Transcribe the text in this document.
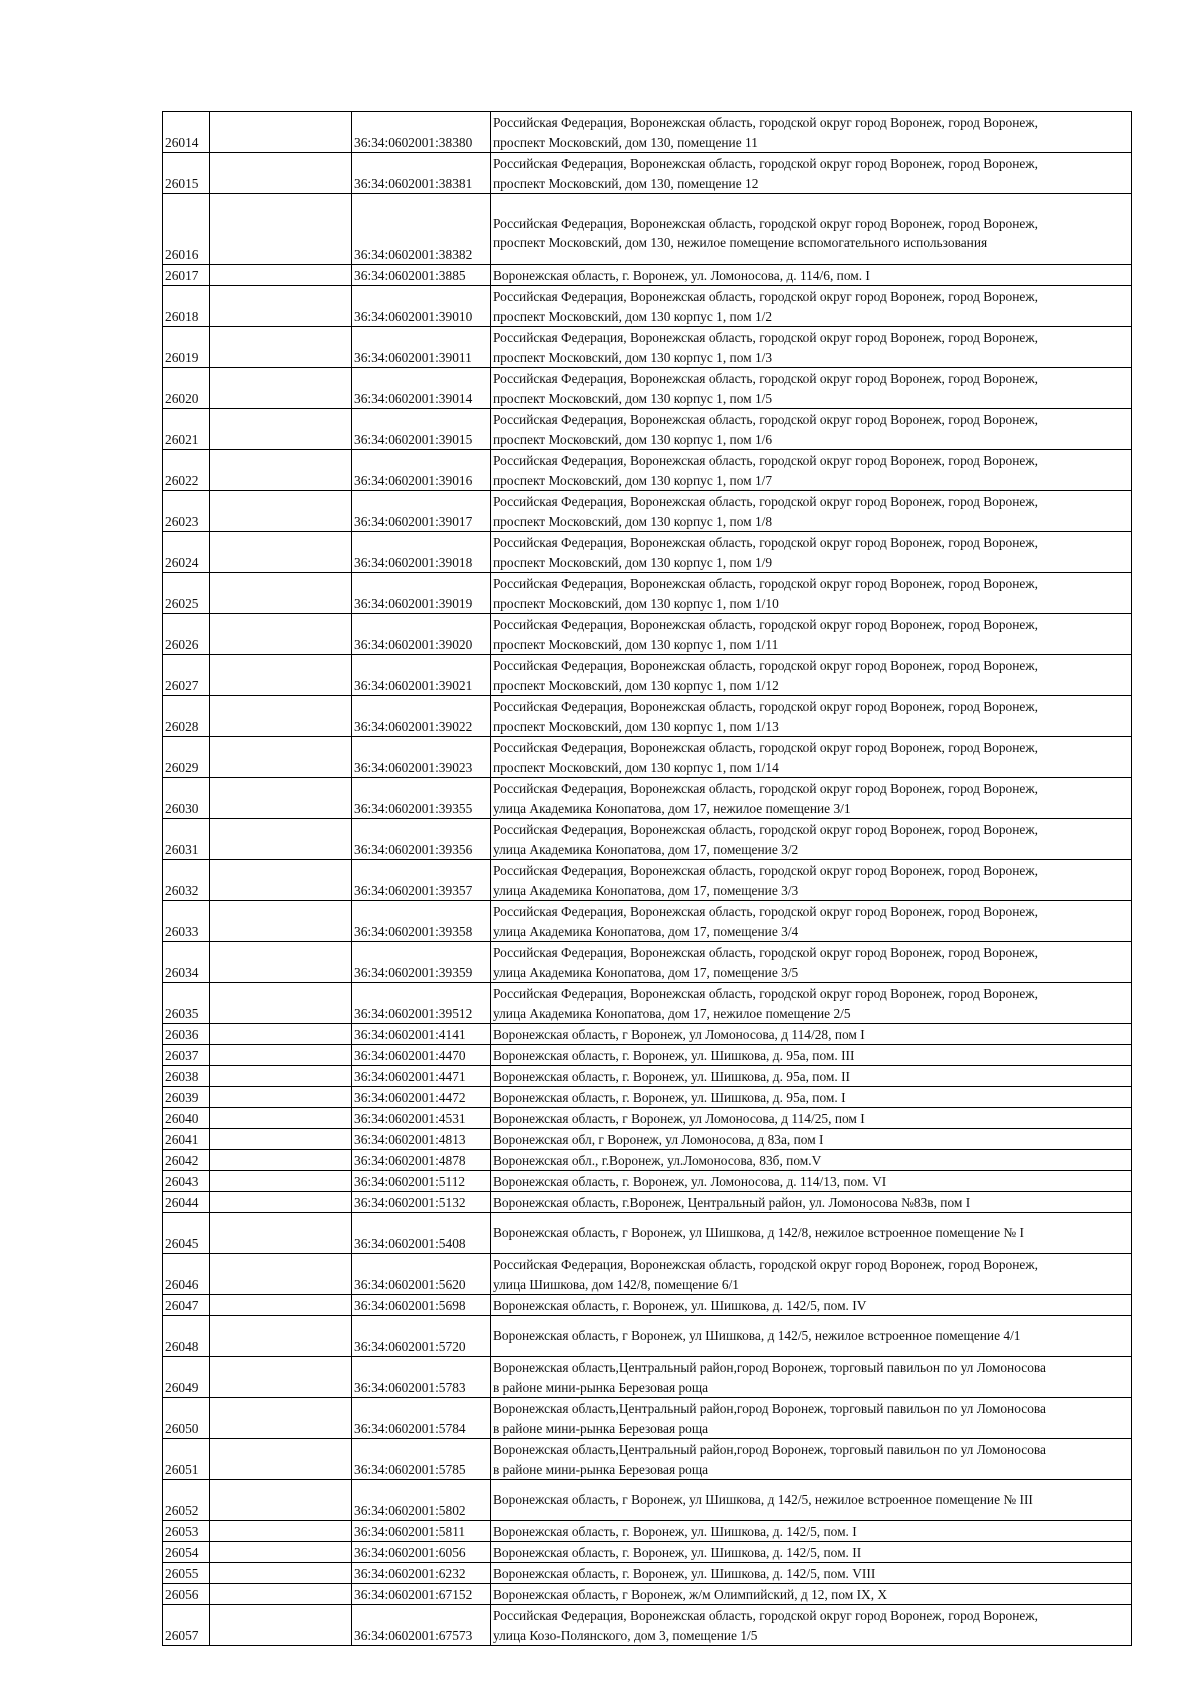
26014		36:34:0602001:38380	Российская Федерация, Воронежская область, городской округ город Воронеж, город Воронеж,
проспект Московский, дом 130, помещение 11

26015		36:34:0602001:38381	Российская Федерация, Воронежская область, городской округ город Воронеж, город Воронеж,
проспект Московский, дом 130, помещение 12

26016		36:34:0602001:38382	Российская Федерация, Воронежская область, городской округ город Воронеж, город Воронеж,
проспект Московский, дом 130, нежилое помещение вспомогательного использования

26017		36:34:0602001:3885	Воронежская область, г. Воронеж, ул. Ломоносова, д. 114/6, пом. I

26018		36:34:0602001:39010	Российская Федерация, Воронежская область, городской округ город Воронеж, город Воронеж,
проспект Московский, дом 130 корпус 1, пом 1/2

26019		36:34:0602001:39011	Российская Федерация, Воронежская область, городской округ город Воронеж, город Воронеж,
проспект Московский, дом 130 корпус 1, пом 1/3

26020		36:34:0602001:39014	Российская Федерация, Воронежская область, городской округ город Воронеж, город Воронеж,
проспект Московский, дом 130 корпус 1, пом 1/5

26021		36:34:0602001:39015	Российская Федерация, Воронежская область, городской округ город Воронеж, город Воронеж,
проспект Московский, дом 130 корпус 1, пом 1/6

26022		36:34:0602001:39016	Российская Федерация, Воронежская область, городской округ город Воронеж, город Воронеж,
проспект Московский, дом 130 корпус 1, пом 1/7

26023		36:34:0602001:39017	Российская Федерация, Воронежская область, городской округ город Воронеж, город Воронеж,
проспект Московский, дом 130 корпус 1, пом 1/8

26024		36:34:0602001:39018	Российская Федерация, Воронежская область, городской округ город Воронеж, город Воронеж,
проспект Московский, дом 130 корпус 1, пом 1/9

26025		36:34:0602001:39019	Российская Федерация, Воронежская область, городской округ город Воронеж, город Воронеж,
проспект Московский, дом 130 корпус 1, пом 1/10

26026		36:34:0602001:39020	Российская Федерация, Воронежская область, городской округ город Воронеж, город Воронеж,
проспект Московский, дом 130 корпус 1, пом 1/11

26027		36:34:0602001:39021	Российская Федерация, Воронежская область, городской округ город Воронеж, город Воронеж,
проспект Московский, дом 130 корпус 1, пом 1/12

26028		36:34:0602001:39022	Российская Федерация, Воронежская область, городской округ город Воронеж, город Воронеж,
проспект Московский, дом 130 корпус 1, пом 1/13

26029		36:34:0602001:39023	Российская Федерация, Воронежская область, городской округ город Воронеж, город Воронеж,
проспект Московский, дом 130 корпус 1, пом 1/14

26030		36:34:0602001:39355	Российская Федерация, Воронежская область, городской округ город Воронеж, город Воронеж,
улица Академика Конопатова, дом 17, нежилое помещение 3/1

26031		36:34:0602001:39356	Российская Федерация, Воронежская область, городской округ город Воронеж, город Воронеж,
улица Академика Конопатова, дом 17, помещение 3/2

26032		36:34:0602001:39357	Российская Федерация, Воронежская область, городской округ город Воронеж, город Воронеж,
улица Академика Конопатова, дом 17, помещение 3/3

26033		36:34:0602001:39358	Российская Федерация, Воронежская область, городской округ город Воронеж, город Воронеж,
улица Академика Конопатова, дом 17, помещение 3/4

26034		36:34:0602001:39359	Российская Федерация, Воронежская область, городской округ город Воронеж, город Воронеж,
улица Академика Конопатова, дом 17, помещение 3/5

26035		36:34:0602001:39512	Российская Федерация, Воронежская область, городской округ город Воронеж, город Воронеж,
улица Академика Конопатова, дом 17, нежилое помещение 2/5

26036		36:34:0602001:4141	Воронежская область, г Воронеж, ул Ломоносова, д 114/28, пом I

26037		36:34:0602001:4470	Воронежская область, г. Воронеж, ул. Шишкова, д. 95а, пом. III

26038		36:34:0602001:4471	Воронежская область, г. Воронеж, ул. Шишкова, д. 95а, пом. II

26039		36:34:0602001:4472	Воронежская область, г. Воронеж, ул. Шишкова, д. 95а, пом. I

26040		36:34:0602001:4531	Воронежская область, г Воронеж, ул Ломоносова, д 114/25, пом I

26041		36:34:0602001:4813	Воронежская обл, г Воронеж, ул Ломоносова, д 83а, пом I

26042		36:34:0602001:4878	Воронежская обл., г.Воронеж, ул.Ломоносова, 83б, пом.V

26043		36:34:0602001:5112	Воронежская область, г. Воронеж, ул. Ломоносова, д. 114/13, пом. VI

26044		36:34:0602001:5132	Воронежская область, г.Воронеж, Центральный район, ул. Ломоносова №83в, пом I

26045		36:34:0602001:5408	Воронежская область, г Воронеж, ул Шишкова, д 142/8, нежилое встроенное помещение № I

26046		36:34:0602001:5620	Российская Федерация, Воронежская область, городской округ город Воронеж, город Воронеж,
улица Шишкова, дом 142/8, помещение 6/1

26047		36:34:0602001:5698	Воронежская область, г. Воронеж, ул. Шишкова, д. 142/5, пом. IV

26048		36:34:0602001:5720	Воронежская область, г Воронеж, ул Шишкова, д 142/5, нежилое встроенное помещение 4/1

26049		36:34:0602001:5783	Воронежская область,Центральный район,город Воронеж, торговый павильон по ул Ломоносова
в районе мини-рынка Березовая роща

26050		36:34:0602001:5784	Воронежская область,Центральный район,город Воронеж, торговый павильон по ул Ломоносова
в районе мини-рынка Березовая роща

26051		36:34:0602001:5785	Воронежская область,Центральный район,город Воронеж, торговый павильон по ул Ломоносова
в районе мини-рынка Березовая роща

26052		36:34:0602001:5802	Воронежская область, г Воронеж, ул Шишкова, д 142/5, нежилое встроенное помещение № III

26053		36:34:0602001:5811	Воронежская область, г. Воронеж, ул. Шишкова, д. 142/5, пом. I

26054		36:34:0602001:6056	Воронежская область, г. Воронеж, ул. Шишкова, д. 142/5, пом. II

26055		36:34:0602001:6232	Воронежская область, г. Воронеж, ул. Шишкова, д. 142/5, пом. VIII

26056		36:34:0602001:67152	Воронежская область, г Воронеж, ж/м Олимпийский, д 12, пом IX, X

26057		36:34:0602001:67573	Российская Федерация, Воронежская область, городской округ город Воронеж, город Воронеж,
улица Козо-Полянского, дом 3, помещение 1/5
